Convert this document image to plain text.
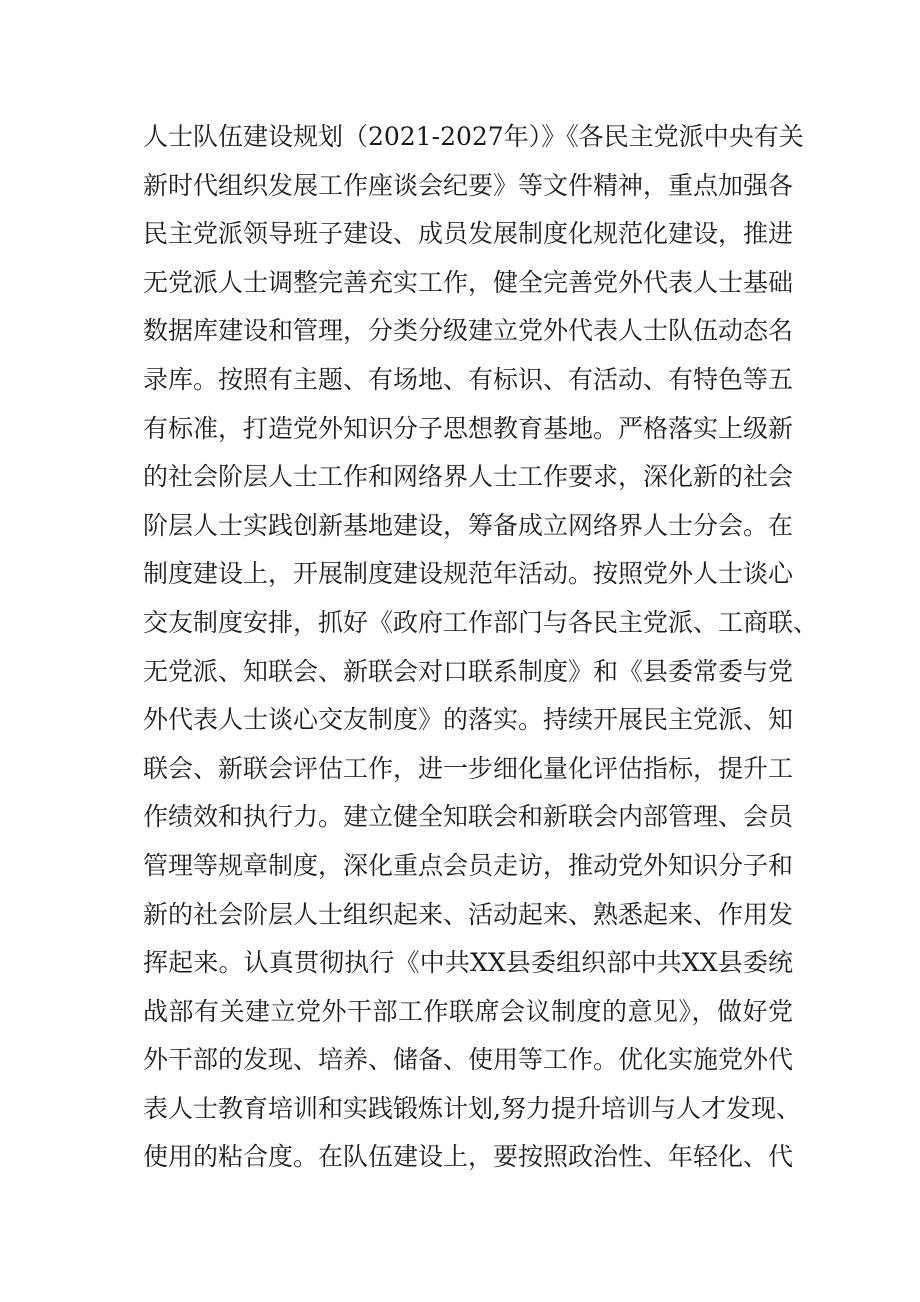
人士队伍建设规划（2021-2027年）》《各民主党派中央有关
新时代组织发展工作座谈会纪要》等文件精神，重点加强各
民主党派领导班子建设、成员发展制度化规范化建设，推进
无党派人士调整完善充实工作，健全完善党外代表人士基础
数据库建设和管理，分类分级建立党外代表人士队伍动态名
录库。按照有主题、有场地、有标识、有活动、有特色等五
有标准，打造党外知识分子思想教育基地。严格落实上级新
的社会阶层人士工作和网络界人士工作要求，深化新的社会
阶层人士实践创新基地建设，筹备成立网络界人士分会。在
制度建设上，开展制度建设规范年活动。按照党外人士谈心
交友制度安排，抓好《政府工作部门与各民主党派、工商联、
无党派、知联会、新联会对口联系制度》和《县委常委与党
外代表人士谈心交友制度》的落实。持续开展民主党派、知
联会、新联会评估工作，进一步细化量化评估指标，提升工
作绩效和执行力。建立健全知联会和新联会内部管理、会员
管理等规章制度，深化重点会员走访，推动党外知识分子和
新的社会阶层人士组织起来、活动起来、熟悉起来、作用发
挥起来。认真贯彻执行《中共XX县委组织部中共XX县委统
战部有关建立党外干部工作联席会议制度的意见》，做好党
外干部的发现、培养、储备、使用等工作。优化实施党外代
表人士教育培训和实践锻炼计划,努力提升培训与人才发现、
使用的粘合度。在队伍建设上，要按照政治性、年轻化、代
